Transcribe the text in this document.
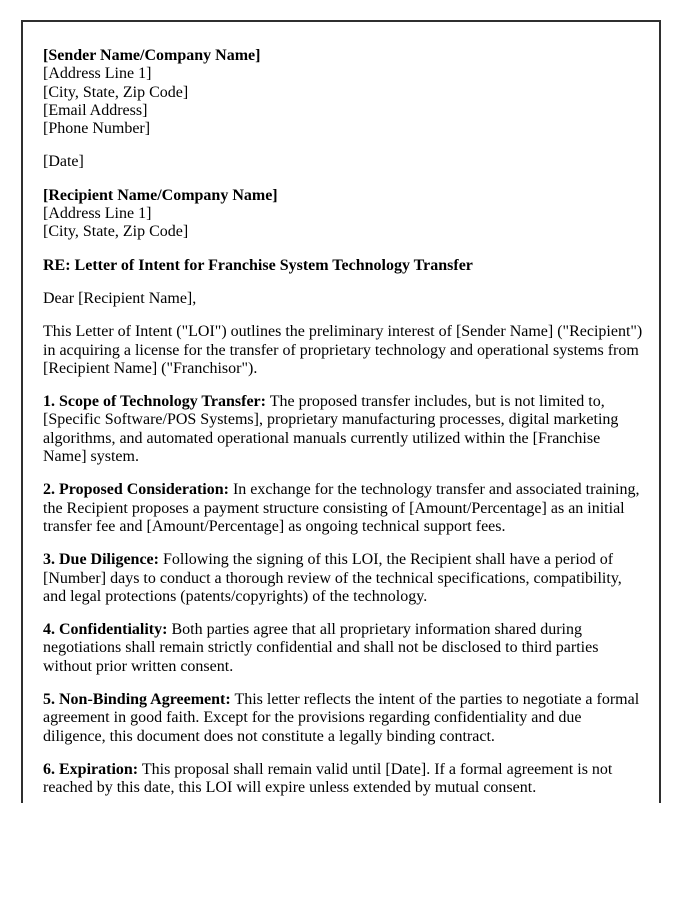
[Sender Name/Company Name]
[Address Line 1]
[City, State, Zip Code]
[Email Address]
[Phone Number]

[Date]

[Recipient Name/Company Name]
[Address Line 1]
[City, State, Zip Code]

RE: Letter of Intent for Franchise System Technology Transfer

Dear [Recipient Name],

This Letter of Intent ("LOI") outlines the preliminary interest of [Sender Name] ("Recipient") in acquiring a license for the transfer of proprietary technology and operational systems from [Recipient Name] ("Franchisor").

1. Scope of Technology Transfer: The proposed transfer includes, but is not limited to, [Specific Software/POS Systems], proprietary manufacturing processes, digital marketing algorithms, and automated operational manuals currently utilized within the [Franchise Name] system.

2. Proposed Consideration: In exchange for the technology transfer and associated training, the Recipient proposes a payment structure consisting of [Amount/Percentage] as an initial transfer fee and [Amount/Percentage] as ongoing technical support fees.

3. Due Diligence: Following the signing of this LOI, the Recipient shall have a period of [Number] days to conduct a thorough review of the technical specifications, compatibility, and legal protections (patents/copyrights) of the technology.

4. Confidentiality: Both parties agree that all proprietary information shared during negotiations shall remain strictly confidential and shall not be disclosed to third parties without prior written consent.

5. Non-Binding Agreement: This letter reflects the intent of the parties to negotiate a formal agreement in good faith. Except for the provisions regarding confidentiality and due diligence, this document does not constitute a legally binding contract.

6. Expiration: This proposal shall remain valid until [Date]. If a formal agreement is not reached by this date, this LOI will expire unless extended by mutual consent.
